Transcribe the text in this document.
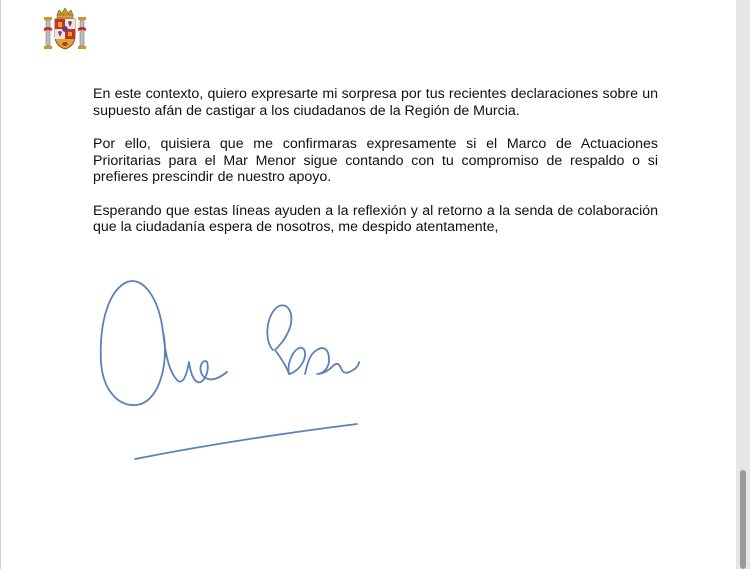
En este contexto, quiero expresarte mi sorpresa por tus recientes declaraciones sobre un supuesto afán de castigar a los ciudadanos de la Región de Murcia.

Por ello, quisiera que me confirmaras expresamente si el Marco de Actuaciones Prioritarias para el Mar Menor sigue contando con tu compromiso de respaldo o si prefieres prescindir de nuestro apoyo.

Esperando que estas líneas ayuden a la reflexión y al retorno a la senda de colaboración que la ciudadanía espera de nosotros, me despido atentamente,
